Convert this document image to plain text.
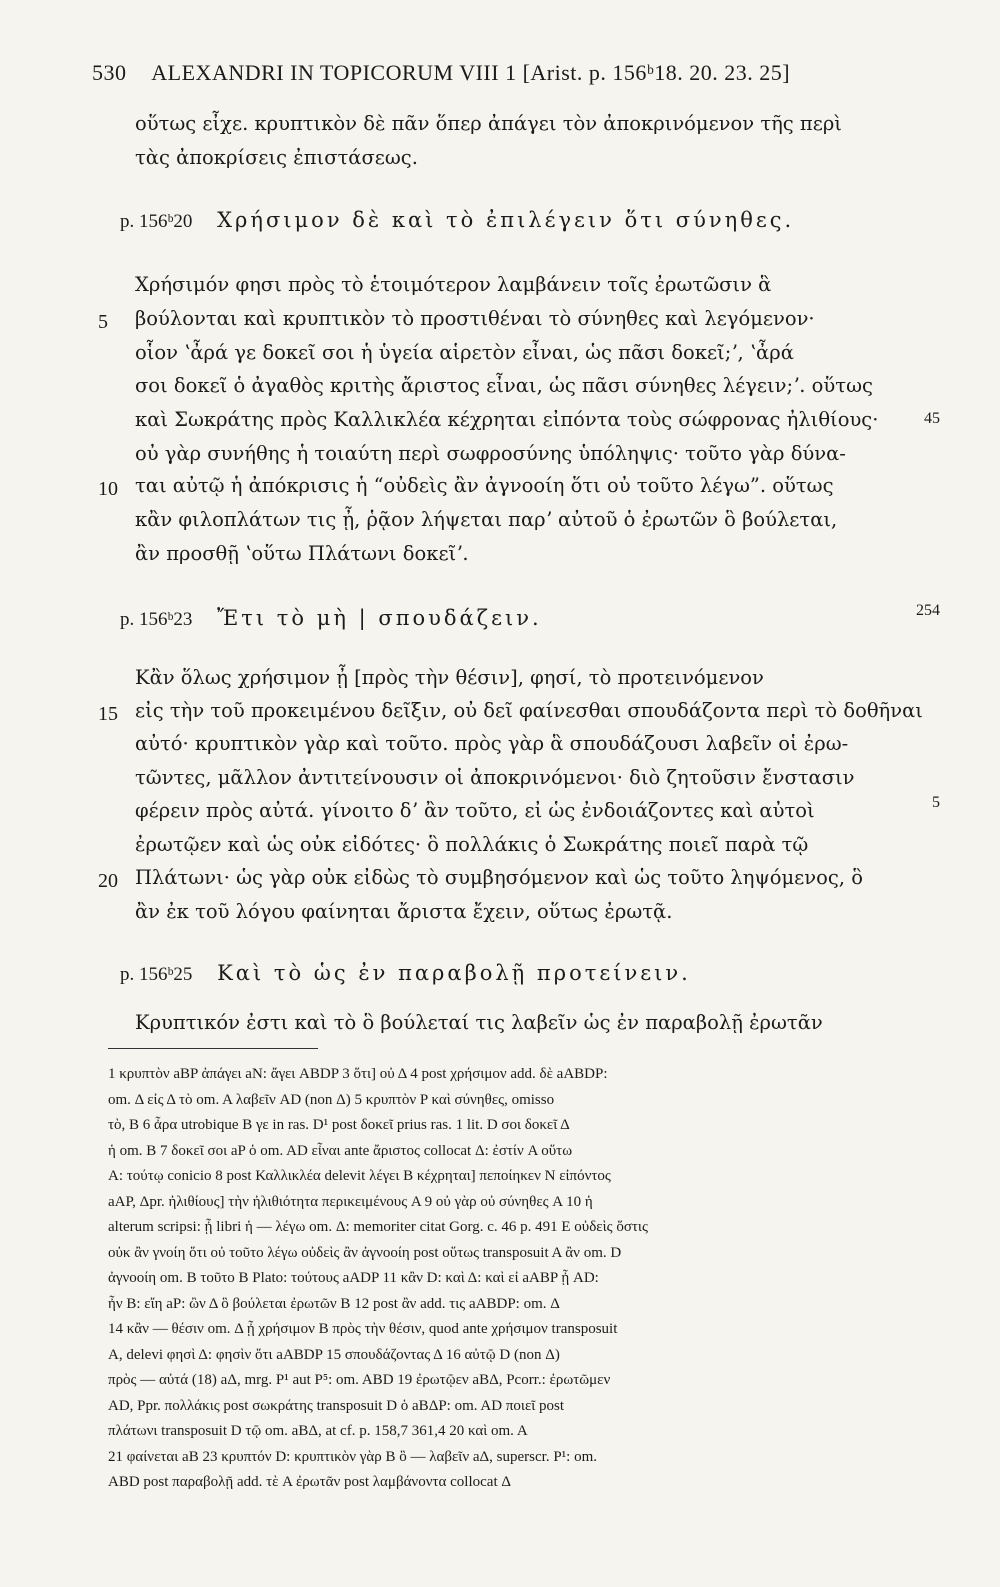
530 ALEXANDRI IN TOPICORUM VIII 1 [Arist. p. 156ᵇ18. 20. 23. 25]
οὕτως εἶχε. κρυπτικὸν δὲ πᾶν ὅπερ ἀπάγει τὸν ἀποκρινόμενον τῆς περὶ
τὰς ἀποκρίσεις ἐπιστάσεως.
p. 156ᵇ20 Χρήσιμον δὲ καὶ τὸ ἐπιλέγειν ὅτι σύνηθες.
Χρήσιμόν φησι πρὸς τὸ ἑτοιμότερον λαμβάνειν τοῖς ἐρωτῶσιν ἃ
5	βούλονται καὶ κρυπτικὸν τὸ προστιθέναι τὸ σύνηθες καὶ λεγόμενον·
οἷον ʽἆρά γε δοκεῖ σοι ἡ ὑγεία αἱρετὸν εἶναι, ὡς πᾶσι δοκεῖ;ʼ, ʽἆρά
σοι δοκεῖ ὁ ἀγαθὸς κριτὴς ἄριστος εἶναι, ὡς πᾶσι σύνηθες λέγειν;ʼ. οὕτως
καὶ Σωκράτης πρὸς Καλλικλέα κέχρηται εἰπόντα τοὺς σώφρονας ἠλιθίους·	45
οὐ γὰρ συνήθης ἡ τοιαύτη περὶ σωφροσύνης ὑπόληψις· τοῦτο γὰρ δύνα-
10 ται αὐτῷ ἡ ἀπόκρισις ἡ “οὐδεὶς ἂν ἀγνοοίη ὅτι οὐ τοῦτο λέγω”. οὕτως
κἂν φιλοπλάτων τις ᾖ, ῥᾷον λήψεται παρʼ αὐτοῦ ὁ ἐρωτῶν ὃ βούλεται,
ἂν προσθῇ ʽοὕτω Πλάτωνι δοκεῖʼ.
p. 156ᵇ23 Ἔτι τὸ μὴ | σπουδάζειν.	254
Κἂν ὅλως χρήσιμον ᾖ [πρὸς τὴν θέσιν], φησί, τὸ προτεινόμενον
15 εἰς τὴν τοῦ προκειμένου δεῖξιν, οὐ δεῖ φαίνεσθαι σπουδάζοντα περὶ τὸ δοθῆναι
αὐτό· κρυπτικὸν γὰρ καὶ τοῦτο. πρὸς γὰρ ἃ σπουδάζουσι λαβεῖν οἱ ἐρω-
τῶντες, μᾶλλον ἀντιτείνουσιν οἱ ἀποκρινόμενοι· διὸ ζητοῦσιν ἔνστασιν
φέρειν πρὸς αὐτά. γίνοιτο δʼ ἂν τοῦτο, εἰ ὡς ἐνδοιάζοντες καὶ αὐτοὶ	5
ἐρωτῷεν καὶ ὡς οὐκ εἰδότες· ὃ πολλάκις ὁ Σωκράτης ποιεῖ παρὰ τῷ
20 Πλάτωνι· ὡς γὰρ οὐκ εἰδὼς τὸ συμβησόμενον καὶ ὡς τοῦτο ληψόμενος, ὃ
ἂν ἐκ τοῦ λόγου φαίνηται ἄριστα ἔχειν, οὕτως ἐρωτᾷ.
p. 156ᵇ25 Καὶ τὸ ὡς ἐν παραβολῇ προτείνειν.
Κρυπτικόν ἐστι καὶ τὸ ὃ βούλεταί τις λαβεῖν ὡς ἐν παραβολῇ ἐρωτᾶν
1 κρυπτὸν aBP ἀπάγει aN: ἄγει ABDP 3 ὅτι] οὐ Δ 4 post χρήσιμον add. δὲ aABDP:
om. Δ εἰς Δ τὸ om. A λαβεῖν AD (non Δ) 5 κρυπτὸν P καὶ σύνηθες, omisso
τὸ, B 6 ἆρα utrobique B γε in ras. D¹ post δοκεῖ prius ras. 1 lit. D σοι δοκεῖ Δ
ἡ om. B 7 δοκεῖ σοι aP ὁ om. AD εἶναι ante ἄριστος collocat Δ: ἐστίν A οὕτω
A: τούτῳ conicio 8 post Καλλικλέα delevit λέγει B κέχρηται] πεποίηκεν N εἰπόντος
aAP, Δpr. ἠλιθίους] τὴν ἠλιθιότητα περικειμένους A 9 οὐ γὰρ οὐ σύνηθες A 10 ἡ
alterum scripsi: ᾖ libri ἡ — λέγω om. Δ: memoriter citat Gorg. c. 46 p. 491 E οὐδεὶς ὅστις
οὐκ ἂν γνοίη ὅτι οὐ τοῦτο λέγω οὐδεὶς ἂν ἀγνοοίη post οὕτως transposuit A ἂν om. D
ἀγνοοίη om. B τοῦτο B Plato: τούτους aADP 11 κἂν D: καὶ Δ: καὶ εἰ aABP ᾖ AD:
ἦν B: εἴη aP: ὢν Δ ὃ βούλεται ἐρωτῶν B 12 post ἂν add. τις aABDP: om. Δ
14 κἂν — θέσιν om. Δ ᾖ χρήσιμον B πρὸς τὴν θέσιν, quod ante χρήσιμον transposuit
A, delevi φησὶ Δ: φησὶν ὅτι aABDP 15 σπουδάζοντας Δ 16 αὐτῷ D (non Δ)
πρὸς — αὐτά (18) aΔ, mrg. P¹ aut P⁵: om. ABD 19 ἐρωτῷεν aBΔ, Pcorr.: ἐρωτῶμεν
AD, Ppr. πολλάκις post σωκράτης transposuit D ὁ aBΔP: om. AD ποιεῖ post
πλάτωνι transposuit D τῷ om. aBΔ, at cf. p. 158,7 361,4 20 καὶ om. A
21 φαίνεται aB 23 κρυπτόν D: κρυπτικὸν γὰρ B ὃ — λαβεῖν aΔ, superscr. P¹: om.
ABD post παραβολῇ add. τὲ A ἐρωτᾶν post λαμβάνοντα collocat Δ
